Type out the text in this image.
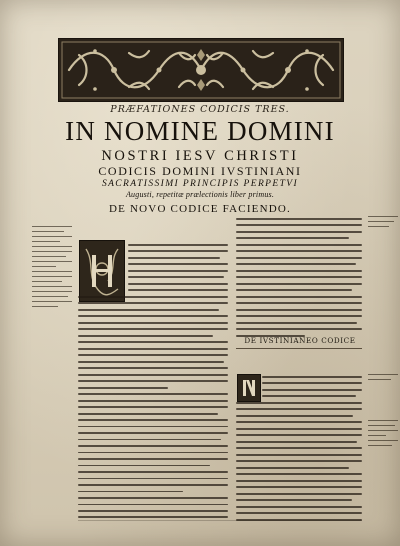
PRÆFATIONES CODICIS TRES.
IN NOMINE DOMINI
NOSTRI IESV CHRISTI
CODICIS DOMINI IVSTINIANI
SACRATISSIMI PRINCIPIS PERPETVI
Augusti, repetitæ prælectionis liber primus.
DE NOVO CODICE FACIENDO.
DE IVSTINIANEO CODICE
